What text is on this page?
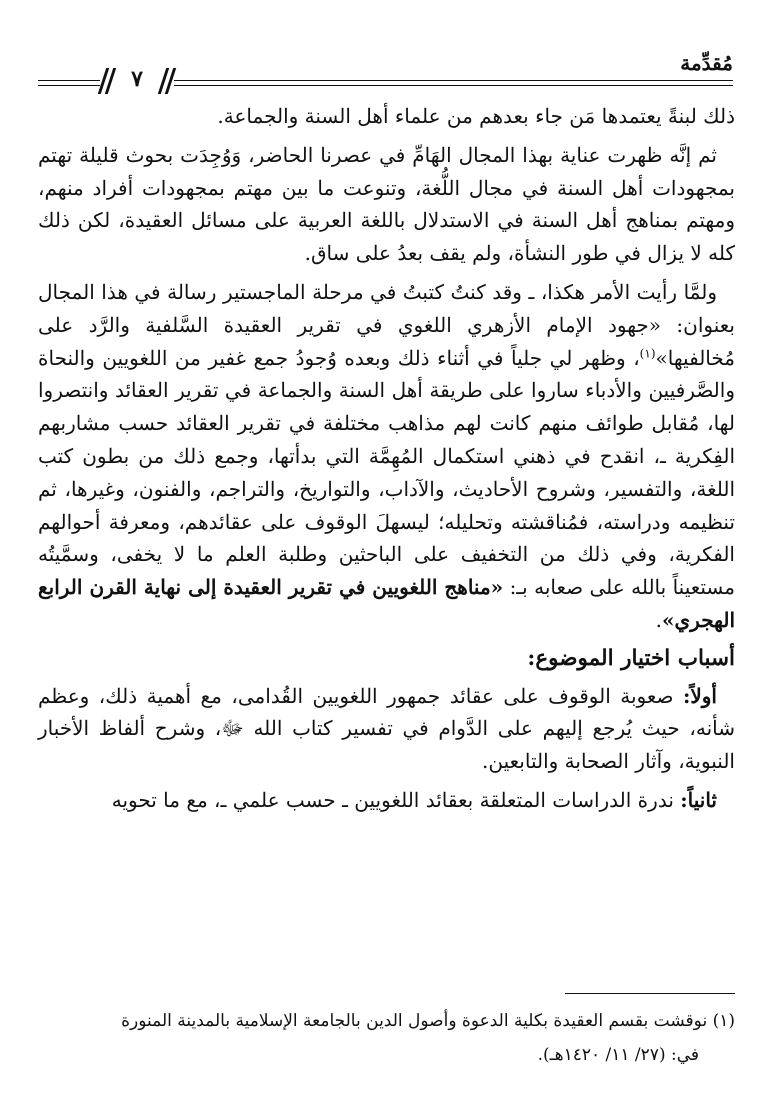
مُقدِّمة
٧

ذلك لبنةً يعتمدها مَن جاء بعدهم من علماء أهل السنة والجماعة.

ثم إنَّه ظهرت عناية بهذا المجال الهَامِّ في عصرنا الحاضر، وَوُجِدَت بحوث قليلة تهتم بمجهودات أهل السنة في مجال اللُّغة، وتنوعت ما بين مهتم بمجهودات أفراد منهم، ومهتم بمناهج أهل السنة في الاستدلال باللغة العربية على مسائل العقيدة، لكن ذلك كله لا يزال في طور النشأة، ولم يقف بعدُ على ساق.

ولمَّا رأيت الأمر هكذا، ـ وقد كنتُ كتبتُ في مرحلة الماجستير رسالة في هذا المجال بعنوان: «جهود الإمام الأزهري اللغوي في تقرير العقيدة السَّلفية والرَّد على مُخالفيها»$^{(١)}$، وظهر لي جلياً في أثناء ذلك وبعده وُجودُ جمع غفير من اللغويين والنحاة والصَّرفيين والأدباء ساروا على طريقة أهل السنة والجماعة في تقرير العقائد وانتصروا لها، مُقابل طوائف منهم كانت لهم مذاهب مختلفة في تقرير العقائد حسب مشاربهم الفِكرية ـ، انقدح في ذهني استكمال المُهِمَّة التي بدأتها، وجمع ذلك من بطون كتب اللغة، والتفسير، وشروح الأحاديث، والآداب، والتواريخ، والتراجم، والفنون، وغيرها، ثم تنظيمه ودراسته، فمُناقشته وتحليله؛ ليسهلَ الوقوف على عقائدهم، ومعرفة أحوالهم الفكرية، وفي ذلك من التخفيف على الباحثين وطلبة العلم ما لا يخفى، وسمَّيتُه مستعيناً بالله على صعابه بـ: «مناهج اللغويين في تقرير العقيدة إلى نهاية القرن الرابع الهجري».

أسباب اختيار الموضوع:

أولاً: صعوبة الوقوف على عقائد جمهور اللغويين القُدامى، مع أهمية ذلك، وعظم شأنه، حيث يُرجع إليهم على الدَّوام في تفسير كتاب الله ﷻ، وشرح ألفاظ الأخبار النبوية، وآثار الصحابة والتابعين.

ثانياً: ندرة الدراسات المتعلقة بعقائد اللغويين ـ حسب علمي ـ، مع ما تحويه

(١) نوقشت بقسم العقيدة بكلية الدعوة وأصول الدين بالجامعة الإسلامية بالمدينة المنورة
في: (٢٧/ ١١/ ١٤٢٠هـ).
